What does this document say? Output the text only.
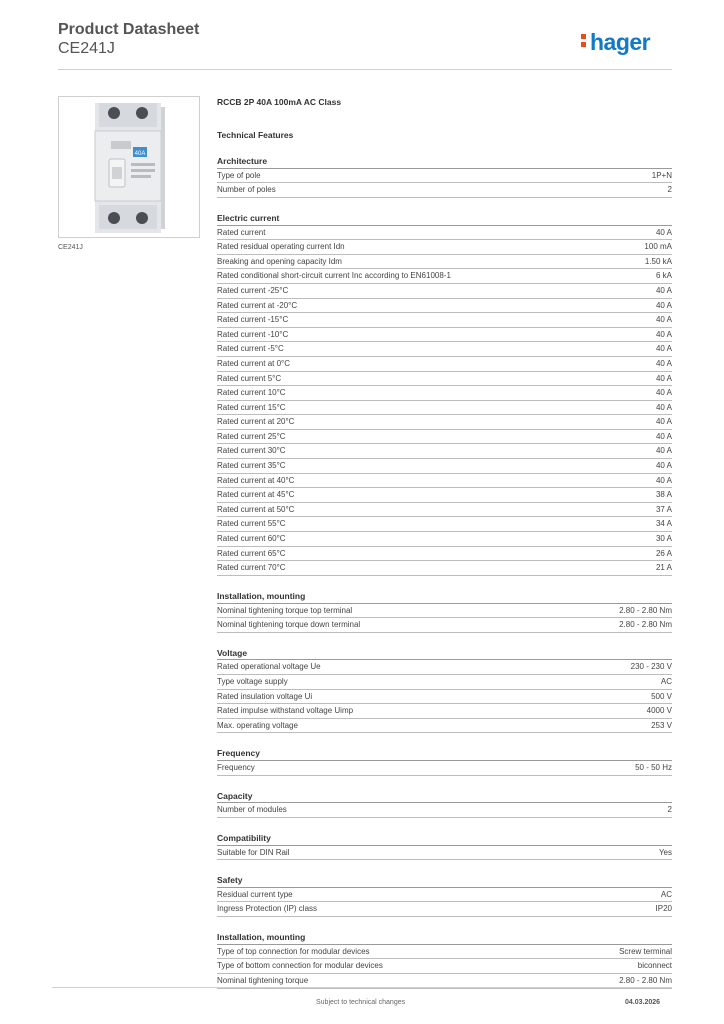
Product Datasheet
CE241J	hager
40A
CE241J
RCCB 2P 40A 100mA AC Class
Technical Features
Architecture
Type of pole	1P+N
Number of poles	2
Electric current
Rated current	40 A
Rated residual operating current Idn	100 mA
Breaking and opening capacity Idm	1.50 kA
Rated conditional short-circuit current Inc according to EN61008-1	6 kA
Rated current -25°C	40 A
Rated current at -20°C	40 A
Rated current -15°C	40 A
Rated current -10°C	40 A
Rated current -5°C	40 A
Rated current at 0°C	40 A
Rated current 5°C	40 A
Rated current 10°C	40 A
Rated current 15°C	40 A
Rated current at 20°C	40 A
Rated current 25°C	40 A
Rated current 30°C	40 A
Rated current 35°C	40 A
Rated current at 40°C	40 A
Rated current at 45°C	38 A
Rated current at 50°C	37 A
Rated current 55°C	34 A
Rated current 60°C	30 A
Rated current 65°C	26 A
Rated current 70°C	21 A
Installation, mounting
Nominal tightening torque top terminal	2.80 - 2.80 Nm
Nominal tightening torque down terminal	2.80 - 2.80 Nm
Voltage
Rated operational voltage Ue	230 - 230 V
Type voltage supply	AC
Rated insulation voltage Ui	500 V
Rated impulse withstand voltage Uimp	4000 V
Max. operating voltage	253 V
Frequency
Frequency	50 - 50 Hz
Capacity
Number of modules	2
Compatibility
Suitable for DIN Rail	Yes
Safety
Residual current type	AC
Ingress Protection (IP) class	IP20
Installation, mounting
Type of top connection for modular devices	Screw terminal
Type of bottom connection for modular devices	biconnect
Nominal tightening torque	2.80 - 2.80 Nm
Subject to technical changes	04.03.2026
